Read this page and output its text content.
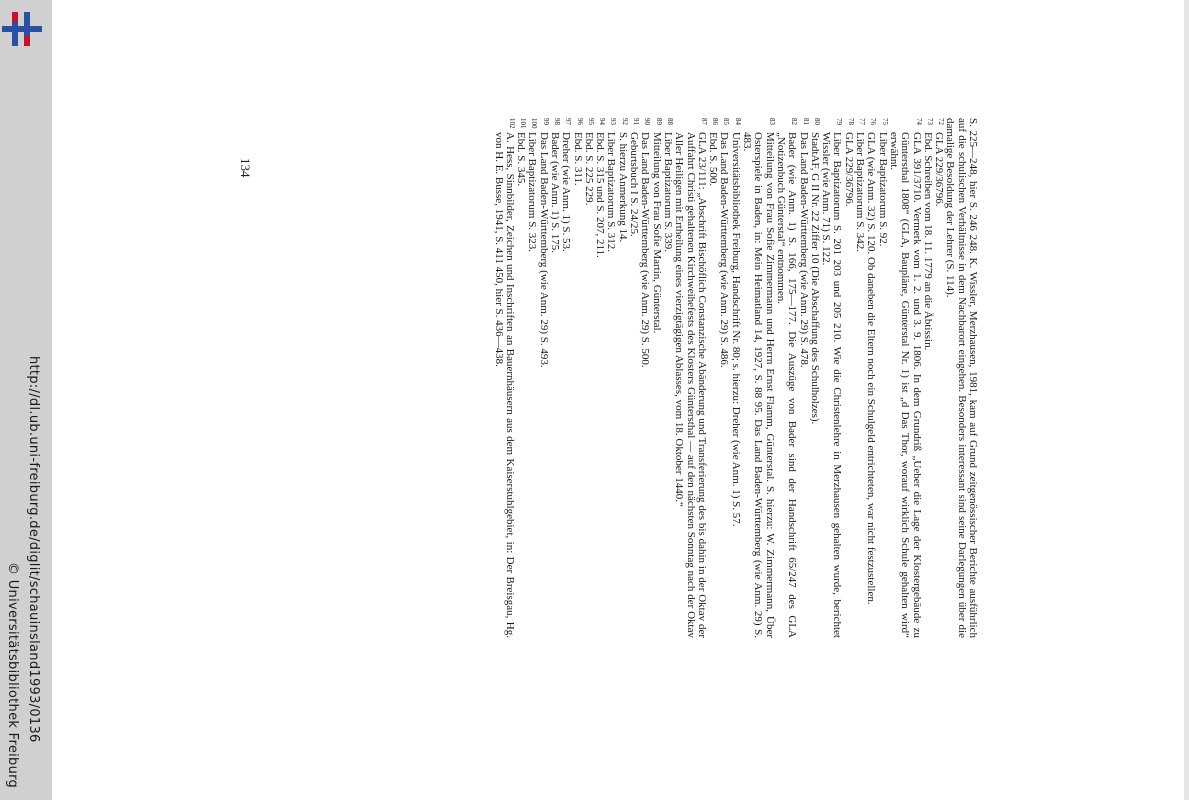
http://dl.ub.uni-freiburg.de/diglit/schauinsland1993/0136
© Universitätsbibliothek Freiburg
134	S. 225—248, hier S. 246 248. K. Wissler, Merzhausen, 1981, kam auf Grund zeitgenössischer Berichte ausführlich auf die schulischen Verhältnisse in dem Nachbarort eingehen. Besonders interessant sind seine Darlegungen über die damalige Besoldung der Lehrer (S. 114).
72
GLA 229/36796.
73
Ebd. Schreiben vom 18. 11. 1779 an die Äbtissin.
74
GLA 391/3710. Vermerk vom 1. 2. und 3. 9. 1806. In dem Grundriß „Ueber die Lage der Klostergebäude zu Güntersthal 1808“ (GLA, Baupläne, Günterstal Nr. 1) ist „d Das Thor, worauf wirklich Schule gehalten wird“ erwähnt.
75
Liber Baptizatorum S. 92.
76
GLA (wie Anm. 32) S. 120. Ob daneben die Eltern noch ein Schulgeld entrichteten, war nicht festzustellen.
77
Liber Baptizatorum S. 342.
78
GLA 229/36796.
79
Liber Baptizatorum S. 201 203 und 205 210. Wie die Christenlehre in Merzhausen gehalten wurde, berichtet Wissler (wie Anm. 71) S. 122.
80
StadtAF, G II Nr. 22 Ziffer 10 (Die Abschaffung des Schulholzes).
81
Das Land Baden-Württemberg (wie Anm. 29) S. 478.
82
Bader (wie Anm. 1) S. 166, 175—177. Die Auszüge von Bader sind der Handschrift 65/247 des GLA „Notizenbuch Günterstal“ entnommen.
83
Mitteilung von Frau Sofie Zimmermann und Herrn Ernst Flamm, Günterstal. S. hierzu: W. Zimmermann, Über Osterspiele in Baden, in: Mein Heimatland 14, 1927, S. 88 95. Das Land Baden-Württemberg (wie Anm. 29) S. 483.
84
Universitätsbibliothek Freiburg, Handschrift Nr. 80; s. hierzu: Dreher (wie Anm. 1) S. 57.
85
Das Land Baden-Württemberg (wie Anm. 29) S. 486.
86
Ebd. S. 500.
87
GLA 23/111: „Abschrift Bischöflich Constanzische Abänderung und Transferierung des bis dahin in der Oktav der Auffahrt Christi gehaltenen Kirchweihefests des Klosters Güntersthal — auf den nächsten Sonntag nach der Oktav Aller Heiligen mit Ertheilung eines vierzigtägigen Ablasses, vom 18. Oktober 1440.“
88
Liber Baptizatorum S. 339.
89
Mitteilung von Frau Sofie Martin, Günterstal.
90
Das Land Baden-Württemberg (wie Anm. 29) S. 500.
91
Geburtsbuch I S. 24/25.
92
S. hierzu Anmerkung 14.
93
Liber Baptizatorum S. 312.
94
Ebd. S. 315 und S. 207, 211.
95
Ebd. S. 225 229.
96
Ebd. S. 311.
97
Dreher (wie Anm. 1) S. 53.
98
Bader (wie Anm. 1) S. 175.
99
Das Land Baden-Württemberg (wie Anm. 29) S. 493.
100
Liber Baptizatorum S. 323.
101
Ebd. S. 345.
102
A. Hess, Sinnbilder, Zeichen und Inschriften an Bauernhäusern aus dem Kaiserstuhlgebiet, in: Der Breisgau, Hg. von H. E. Busse, 1941, S. 411 450, hier S. 436—438.
